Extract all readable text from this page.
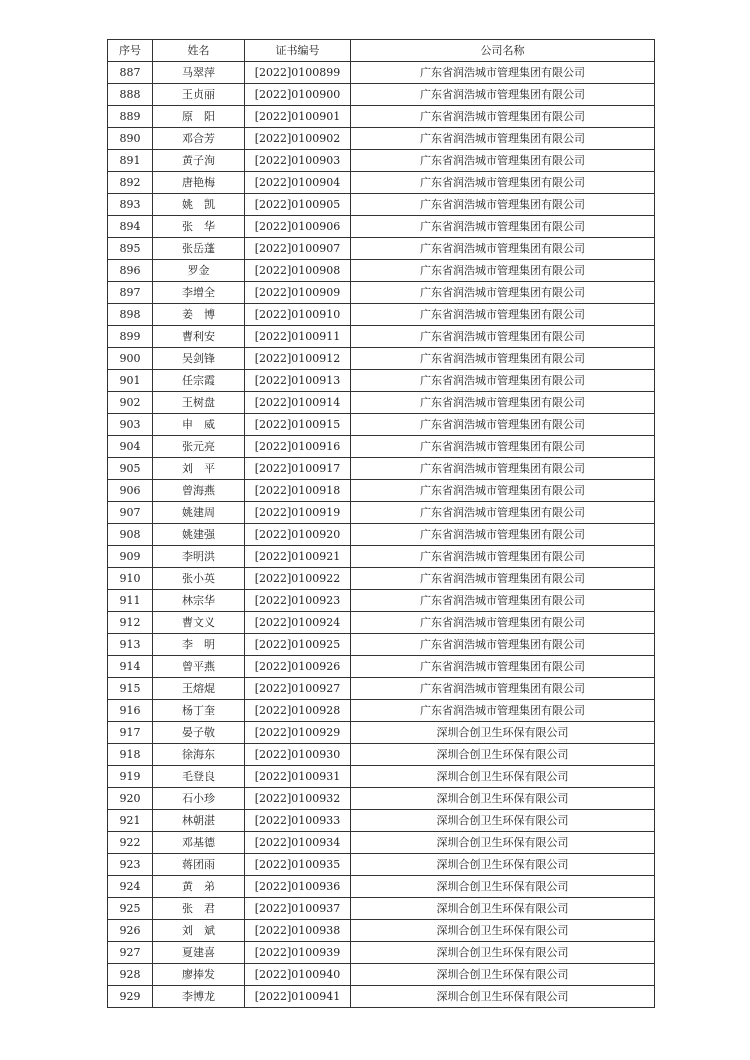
序号	姓名	证书编号	公司名称
887	马翠萍	[2022]0100899	广东省润浩城市管理集团有限公司
888	王贞丽	[2022]0100900	广东省润浩城市管理集团有限公司
889	原　阳	[2022]0100901	广东省润浩城市管理集团有限公司
890	邓合芳	[2022]0100902	广东省润浩城市管理集团有限公司
891	黄子洵	[2022]0100903	广东省润浩城市管理集团有限公司
892	唐艳梅	[2022]0100904	广东省润浩城市管理集团有限公司
893	姚　凯	[2022]0100905	广东省润浩城市管理集团有限公司
894	张　华	[2022]0100906	广东省润浩城市管理集团有限公司
895	张岳蓬	[2022]0100907	广东省润浩城市管理集团有限公司
896	罗金	[2022]0100908	广东省润浩城市管理集团有限公司
897	李增全	[2022]0100909	广东省润浩城市管理集团有限公司
898	姜　博	[2022]0100910	广东省润浩城市管理集团有限公司
899	曹利安	[2022]0100911	广东省润浩城市管理集团有限公司
900	吴剑锋	[2022]0100912	广东省润浩城市管理集团有限公司
901	任宗霞	[2022]0100913	广东省润浩城市管理集团有限公司
902	王树盘	[2022]0100914	广东省润浩城市管理集团有限公司
903	申　威	[2022]0100915	广东省润浩城市管理集团有限公司
904	张元亮	[2022]0100916	广东省润浩城市管理集团有限公司
905	刘　平	[2022]0100917	广东省润浩城市管理集团有限公司
906	曾海燕	[2022]0100918	广东省润浩城市管理集团有限公司
907	姚建周	[2022]0100919	广东省润浩城市管理集团有限公司
908	姚建强	[2022]0100920	广东省润浩城市管理集团有限公司
909	李明洪	[2022]0100921	广东省润浩城市管理集团有限公司
910	张小英	[2022]0100922	广东省润浩城市管理集团有限公司
911	林宗华	[2022]0100923	广东省润浩城市管理集团有限公司
912	曹文义	[2022]0100924	广东省润浩城市管理集团有限公司
913	李　明	[2022]0100925	广东省润浩城市管理集团有限公司
914	曾平燕	[2022]0100926	广东省润浩城市管理集团有限公司
915	王熔焜	[2022]0100927	广东省润浩城市管理集团有限公司
916	杨丁奎	[2022]0100928	广东省润浩城市管理集团有限公司
917	晏子敬	[2022]0100929	深圳合创卫生环保有限公司
918	徐海东	[2022]0100930	深圳合创卫生环保有限公司
919	毛登良	[2022]0100931	深圳合创卫生环保有限公司
920	石小珍	[2022]0100932	深圳合创卫生环保有限公司
921	林朝湛	[2022]0100933	深圳合创卫生环保有限公司
922	邓基德	[2022]0100934	深圳合创卫生环保有限公司
923	蒋团雨	[2022]0100935	深圳合创卫生环保有限公司
924	黄　弟	[2022]0100936	深圳合创卫生环保有限公司
925	张　君	[2022]0100937	深圳合创卫生环保有限公司
926	刘　斌	[2022]0100938	深圳合创卫生环保有限公司
927	夏建喜	[2022]0100939	深圳合创卫生环保有限公司
928	廖捧发	[2022]0100940	深圳合创卫生环保有限公司
929	李博龙	[2022]0100941	深圳合创卫生环保有限公司
